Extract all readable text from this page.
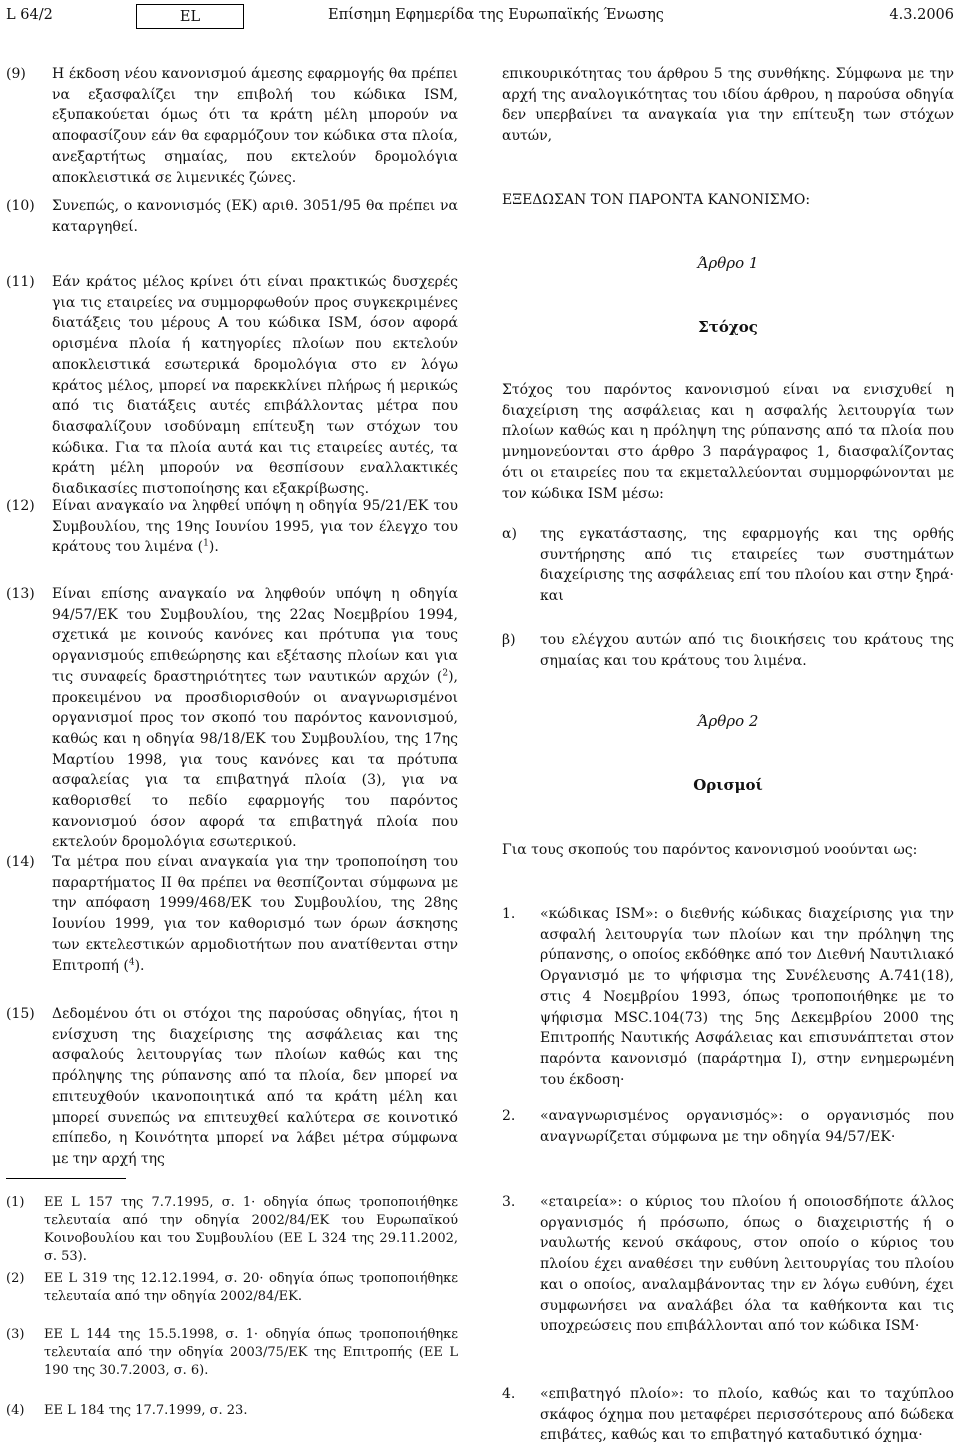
L 64/2	EL	Επίσημη Εφημερίδα της Ευρωπαϊκής Ένωσης	4.3.2006
(9) Η έκδοση νέου κανονισμού άμεσης εφαρμογής θα πρέπει να εξασφαλίζει την επιβολή του κώδικα ISM, εξυπακούεται όμως ότι τα κράτη μέλη μπορούν να αποφασίζουν εάν θα εφαρμόζουν τον κώδικα στα πλοία, ανεξαρτήτως σημαίας, που εκτελούν δρομολόγια αποκλειστικά σε λιμενικές ζώνες.
(10) Συνεπώς, ο κανονισμός (ΕΚ) αριθ. 3051/95 θα πρέπει να καταργηθεί.
(11) Εάν κράτος μέλος κρίνει ότι είναι πρακτικώς δυσχερές για τις εταιρείες να συμμορφωθούν προς συγκεκριμένες διατάξεις του μέρους Α του κώδικα ISM, όσον αφορά ορισμένα πλοία ή κατηγορίες πλοίων που εκτελούν αποκλειστικά εσωτερικά δρομολόγια στο εν λόγω κράτος μέλος, μπορεί να παρεκκλίνει πλήρως ή μερικώς από τις διατάξεις αυτές επιβάλλοντας μέτρα που διασφαλίζουν ισοδύναμη επίτευξη των στόχων του κώδικα. Για τα πλοία αυτά και τις εταιρείες αυτές, τα κράτη μέλη μπορούν να θεσπίσουν εναλλακτικές διαδικασίες πιστοποίησης και εξακρίβωσης.
(12) Είναι αναγκαίο να ληφθεί υπόψη η οδηγία 95/21/ΕΚ του Συμβουλίου, της 19ης Ιουνίου 1995, για τον έλεγχο του κράτους του λιμένα ($^1$).
(13) Είναι επίσης αναγκαίο να ληφθούν υπόψη η οδηγία 94/57/ΕΚ του Συμβουλίου, της 22ας Νοεμβρίου 1994, σχετικά με κοινούς κανόνες και πρότυπα για τους οργανισμούς επιθεώρησης και εξέτασης πλοίων και για τις συναφείς δραστηριότητες των ναυτικών αρχών ($^2$), προκειμένου να προσδιορισθούν οι αναγνωρισμένοι οργανισμοί προς τον σκοπό του παρόντος κανονισμού, καθώς και η οδηγία 98/18/ΕΚ του Συμβουλίου, της 17ης Μαρτίου 1998, για τους κανόνες και τα πρότυπα ασφαλείας για τα επιβατηγά πλοία (3), για να καθορισθεί το πεδίο εφαρμογής του παρόντος κανονισμού όσον αφορά τα επιβατηγά πλοία που εκτελούν δρομολόγια εσωτερικού.
(14) Τα μέτρα που είναι αναγκαία για την τροποποίηση του παραρτήματος II θα πρέπει να θεσπίζονται σύμφωνα με την απόφαση 1999/468/ΕΚ του Συμβουλίου, της 28ης Ιουνίου 1999, για τον καθορισμό των όρων άσκησης των εκτελεστικών αρμοδιοτήτων που ανατίθενται στην Επιτροπή ($^4$).
(15) Δεδομένου ότι οι στόχοι της παρούσας οδηγίας, ήτοι η ενίσχυση της διαχείρισης της ασφάλειας και της ασφαλούς λειτουργίας των πλοίων καθώς και της πρόληψης της ρύπανσης από τα πλοία, δεν μπορεί να επιτευχθούν ικανοποιητικά από τα κράτη μέλη και μπορεί συνεπώς να επιτευχθεί καλύτερα σε κοινοτικό επίπεδο, η Κοινότητα μπορεί να λάβει μέτρα σύμφωνα με την αρχή της
επικουρικότητας του άρθρου 5 της συνθήκης. Σύμφωνα με την αρχή της αναλογικότητας του ιδίου άρθρου, η παρούσα οδηγία δεν υπερβαίνει τα αναγκαία για την επίτευξη των στόχων αυτών,
ΕΞΕΔΩΣΑΝ ΤΟΝ ΠΑΡΟΝΤΑ ΚΑΝΟΝΙΣΜΟ:
Άρθρο 1
Στόχος
Στόχος του παρόντος κανονισμού είναι να ενισχυθεί η διαχείριση της ασφάλειας και η ασφαλής λειτουργία των πλοίων καθώς και η πρόληψη της ρύπανσης από τα πλοία που μνημονεύονται στο άρθρο 3 παράγραφος 1, διασφαλίζοντας ότι οι εταιρείες που τα εκμεταλλεύονται συμμορφώνονται με τον κώδικα ISM μέσω:
α) της εγκατάστασης, της εφαρμογής και της ορθής συντήρησης από τις εταιρείες των συστημάτων διαχείρισης της ασφάλειας επί του πλοίου και στην ξηρά· και
β) του ελέγχου αυτών από τις διοικήσεις του κράτους της σημαίας και του κράτους του λιμένα.
Άρθρο 2
Ορισμοί
Για τους σκοπούς του παρόντος κανονισμού νοούνται ως:
1. «κώδικας ISM»: ο διεθνής κώδικας διαχείρισης για την ασφαλή λειτουργία των πλοίων και την πρόληψη της ρύπανσης, ο οποίος εκδόθηκε από τον Διεθνή Ναυτιλιακό Οργανισμό με το ψήφισμα της Συνέλευσης Α.741(18), στις 4 Νοεμβρίου 1993, όπως τροποποιήθηκε με το ψήφισμα MSC.104(73) της 5ης Δεκεμβρίου 2000 της Επιτροπής Ναυτικής Ασφάλειας και επισυνάπτεται στον παρόντα κανονισμό (παράρτημα I), στην ενημερωμένη του έκδοση·
2. «αναγνωρισμένος οργανισμός»: ο οργανισμός που αναγνωρίζεται σύμφωνα με την οδηγία 94/57/ΕΚ·
3. «εταιρεία»: ο κύριος του πλοίου ή οποιοσδήποτε άλλος οργανισμός ή πρόσωπο, όπως ο διαχειριστής ή ο ναυλωτής κενού σκάφους, στον οποίο ο κύριος του πλοίου έχει αναθέσει την ευθύνη λειτουργίας του πλοίου και ο οποίος, αναλαμβάνοντας την εν λόγω ευθύνη, έχει συμφωνήσει να αναλάβει όλα τα καθήκοντα και τις υποχρεώσεις που επιβάλλονται από τον κώδικα ISM·
4. «επιβατηγό πλοίο»: το πλοίο, καθώς και το ταχύπλοο σκάφος όχημα που μεταφέρει περισσότερους από δώδεκα επιβάτες, καθώς και το επιβατηγό καταδυτικό όχημα·
(1) ΕΕ L 157 της 7.7.1995, σ. 1· οδηγία όπως τροποποιήθηκε τελευταία από την οδηγία 2002/84/ΕΚ του Ευρωπαϊκού Κοινοβουλίου και του Συμβουλίου (ΕΕ L 324 της 29.11.2002, σ. 53).
(2) ΕΕ L 319 της 12.12.1994, σ. 20· οδηγία όπως τροποποιήθηκε τελευταία από την οδηγία 2002/84/ΕΚ.
(3) ΕΕ L 144 της 15.5.1998, σ. 1· οδηγία όπως τροποποιήθηκε τελευταία από την οδηγία 2003/75/ΕΚ της Επιτροπής (ΕΕ L 190 της 30.7.2003, σ. 6).
(4) ΕΕ L 184 της 17.7.1999, σ. 23.
